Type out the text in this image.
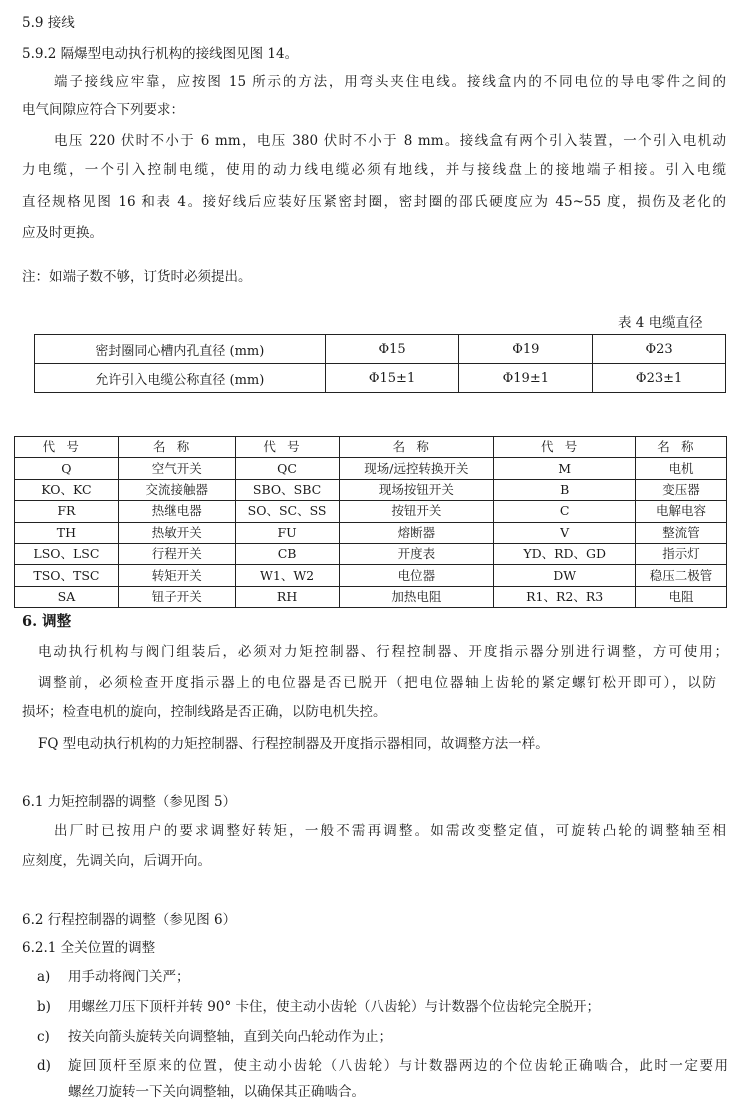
5.9 接线
5.9.2 隔爆型电动执行机构的接线图见图 14。
端子接线应牢靠，应按图 15 所示的方法，用弯头夹住电线。接线盒内的不同电位的导电零件之间的
电气间隙应符合下列要求：
电压 220 伏时不小于 6 mm，电压 380 伏时不小于 8 mm。接线盒有两个引入装置，一个引入电机动
力电缆，一个引入控制电缆，使用的动力线电缆必须有地线，并与接线盘上的接地端子相接。引入电缆
直径规格见图 16 和表 4。接好线后应装好压紧密封圈，密封圈的邵氏硬度应为 45~55 度，损伤及老化的
应及时更换。
注：如端子数不够，订货时必须提出。
表 4 电缆直径
密封圈同心槽内孔直径 (mm)	Φ15	Φ19	Φ23
允许引入电缆公称直径 (mm)	Φ15±1	Φ19±1	Φ23±1
代号	名称	代号	名称	代号	名称
Q	空气开关	QC	现场/远控转换开关	M	电机
KO、KC	交流接触器	SBO、SBC	现场按钮开关	B	变压器
FR	热继电器	SO、SC、SS	按钮开关	C	电解电容
TH	热敏开关	FU	熔断器	V	整流管
LSO、LSC	行程开关	CB	开度表	YD、RD、GD	指示灯
TSO、TSC	转矩开关	W1、W2	电位器	DW	稳压二极管
SA	钮子开关	RH	加热电阻	R1、R2、R3	电阻
6. 调整
电动执行机构与阀门组装后，必须对力矩控制器、行程控制器、开度指示器分别进行调整，方可使用；
调整前，必须检查开度指示器上的电位器是否已脱开（把电位器轴上齿轮的紧定螺钉松开即可），以防
损坏；检查电机的旋向，控制线路是否正确，以防电机失控。
FQ 型电动执行机构的力矩控制器、行程控制器及开度指示器相同，故调整方法一样。
6.1 力矩控制器的调整（参见图 5）
出厂时已按用户的要求调整好转矩，一般不需再调整。如需改变整定值，可旋转凸轮的调整轴至相
应刻度，先调关向，后调开向。
6.2 行程控制器的调整（参见图 6）
6.2.1 全关位置的调整
a) 用手动将阀门关严；
b) 用螺丝刀压下顶杆并转 90° 卡住，使主动小齿轮（八齿轮）与计数器个位齿轮完全脱开；
c) 按关向箭头旋转关向调整轴，直到关向凸轮动作为止；
d) 旋回顶杆至原来的位置，使主动小齿轮（八齿轮）与计数器两边的个位齿轮正确啮合，此时一定要用
螺丝刀旋转一下关向调整轴，以确保其正确啮合。
